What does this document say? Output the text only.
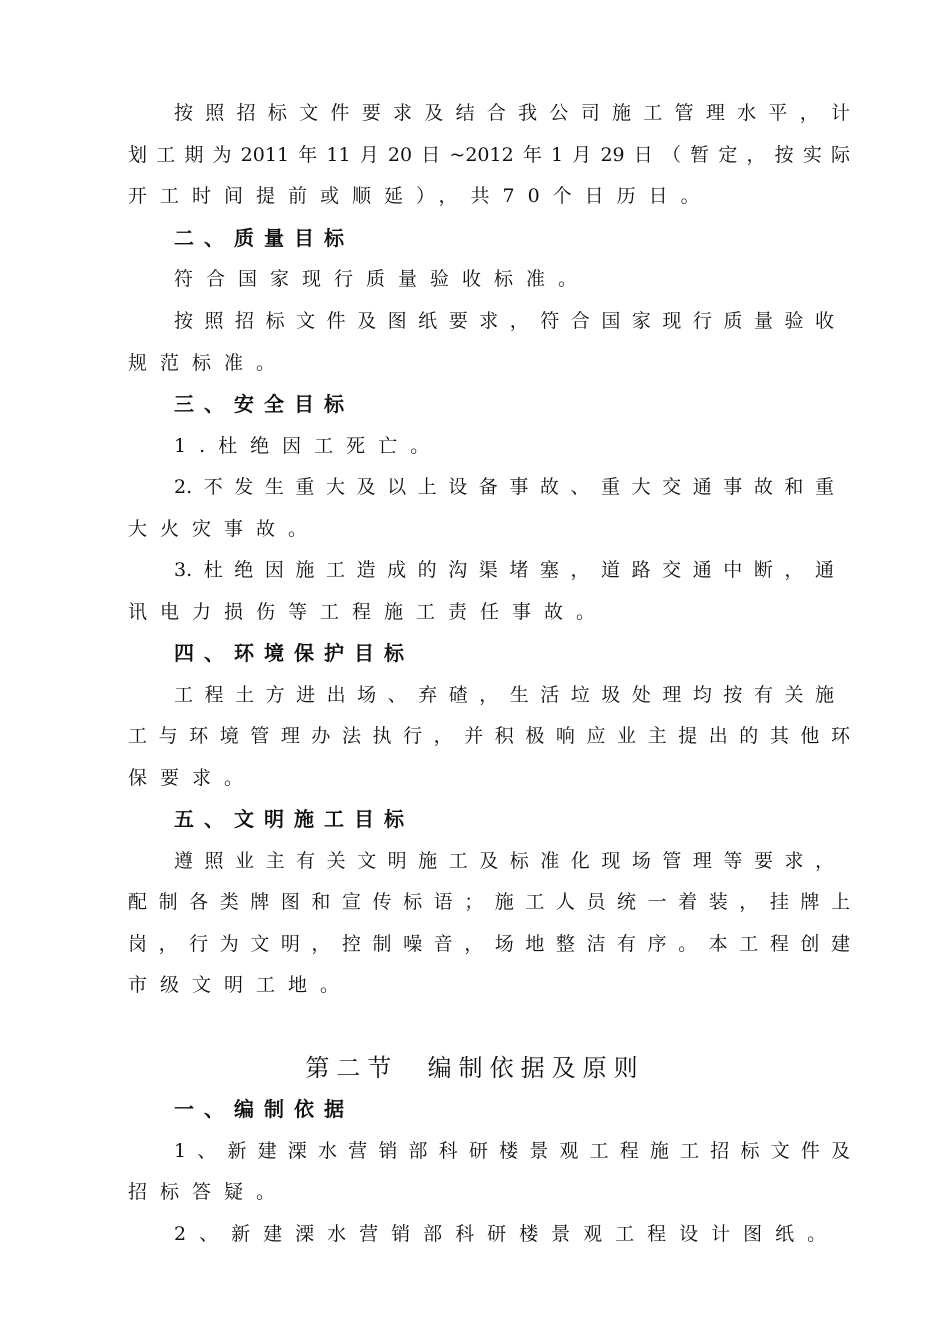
按​照​招​标​文​件​要​求​及​结​合​我​公​司​施​工​管​理​水​平​，​计
划​工​期​为​2​0​1​1​年​1​1​月​2​0​日​~​2​0​1​2​年​1​月​2​9​日​（​暂​定​，​按​实​际
开工时间提前或顺延），共70个日历日。
二、质量目标
符合国家现行质量验收标准。
按​照​招​标​文​件​及​图​纸​要​求​，​符​合​国​家​现​行​质​量​验​收
规范标准。
三、安全目标
1.杜绝因工死亡。
2​.​不​发​生​重​大​及​以​上​设​备​事​故​、​重​大​交​通​事​故​和​重
大火灾事故。
3​.​杜​绝​因​施​工​造​成​的​沟​渠​堵​塞​，​道​路​交​通​中​断​，​通
讯电力损伤等工程施工责任事故。
四、环境保护目标
工​程​土​方​进​出​场​、​弃​碴​，​生​活​垃​圾​处​理​均​按​有​关​施
工​与​环​境​管​理​办​法​执​行​，​并​积​极​响​应​业​主​提​出​的​其​他​环
保要求。
五、文明施工目标
遵​照​业​主​有​关​文​明​施​工​及​标​准​化​现​场​管​理​等​要​求​，
配​制​各​类​牌​图​和​宣​传​标​语​；​施​工​人​员​统​一​着​装​，​挂​牌​上
岗​，​行​为​文​明​，​控​制​噪​音​，​场​地​整​洁​有​序​。​本​工​程​创​建
市级文明工地。
第二节  编制依据及原则
一、编制依据
1​、​新​建​溧​水​营​销​部​科​研​楼​景​观​工​程​施​工​招​标​文​件​及
招标答疑。
2、新建溧水营销部科研楼景观工程设计图纸。
